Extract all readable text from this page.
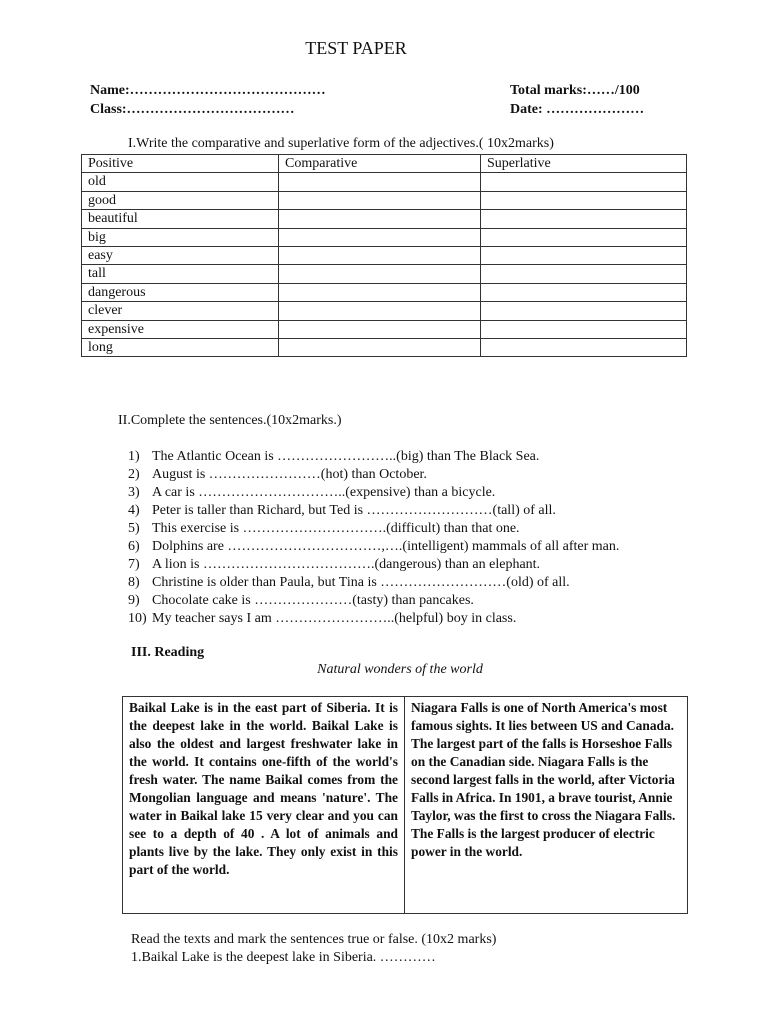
TEST PAPER
Name:……………………………………
Class:………………………………
Total marks:……/100
Date: …………………
I.Write the comparative and superlative form of the adjectives.( 10x2marks)
Positive	Comparative	Superlative
old		
good		
beautiful		
big		
easy		
tall		
dangerous		
clever		
expensive		
long		
II.Complete the sentences.(10x2marks.)
1) The Atlantic Ocean is ……………………..(big) than The Black Sea.
2) August is ……………………(hot) than October.
3) A car is …………………………..(expensive) than a bicycle.
4) Peter is taller than Richard, but Ted is ………………………(tall) of all.
5) This exercise is ………………………….(difficult) than that one.
6) Dolphins are ……………………………,….(intelligent) mammals of all after man.
7) A lion is ……………………………….(dangerous) than an elephant.
8) Christine is older than Paula, but Tina is ………………………(old) of all.
9) Chocolate cake is …………………(tasty) than pancakes.
10) My teacher says I am ……………………..(helpful) boy in class.
III. Reading
Natural wonders of the world
Baikal Lake is in the east part of Siberia. It is the deepest lake in the world. Baikal Lake is also the oldest and largest freshwater lake in the world. It contains one-fifth of the world's fresh water. The name Baikal comes from the Mongolian language and means 'nature'. The water in Baikal lake 15 very clear and you can see to a depth of 40 . A lot of animals and plants live by the lake. They only exist in this part of the world.
Niagara Falls is one of North America's most famous sights. It lies between US and Canada. The largest part of the falls is Horseshoe Falls on the Canadian side. Niagara Falls is the second largest falls in the world, after Victoria Falls in Africa. In 1901, a brave tourist, Annie Taylor, was the first to cross the Niagara Falls. The Falls is the largest producer of electric power in the world.
Read the texts and mark the sentences true or false. (10x2 marks)
1.Baikal Lake is the deepest lake in Siberia. …………
